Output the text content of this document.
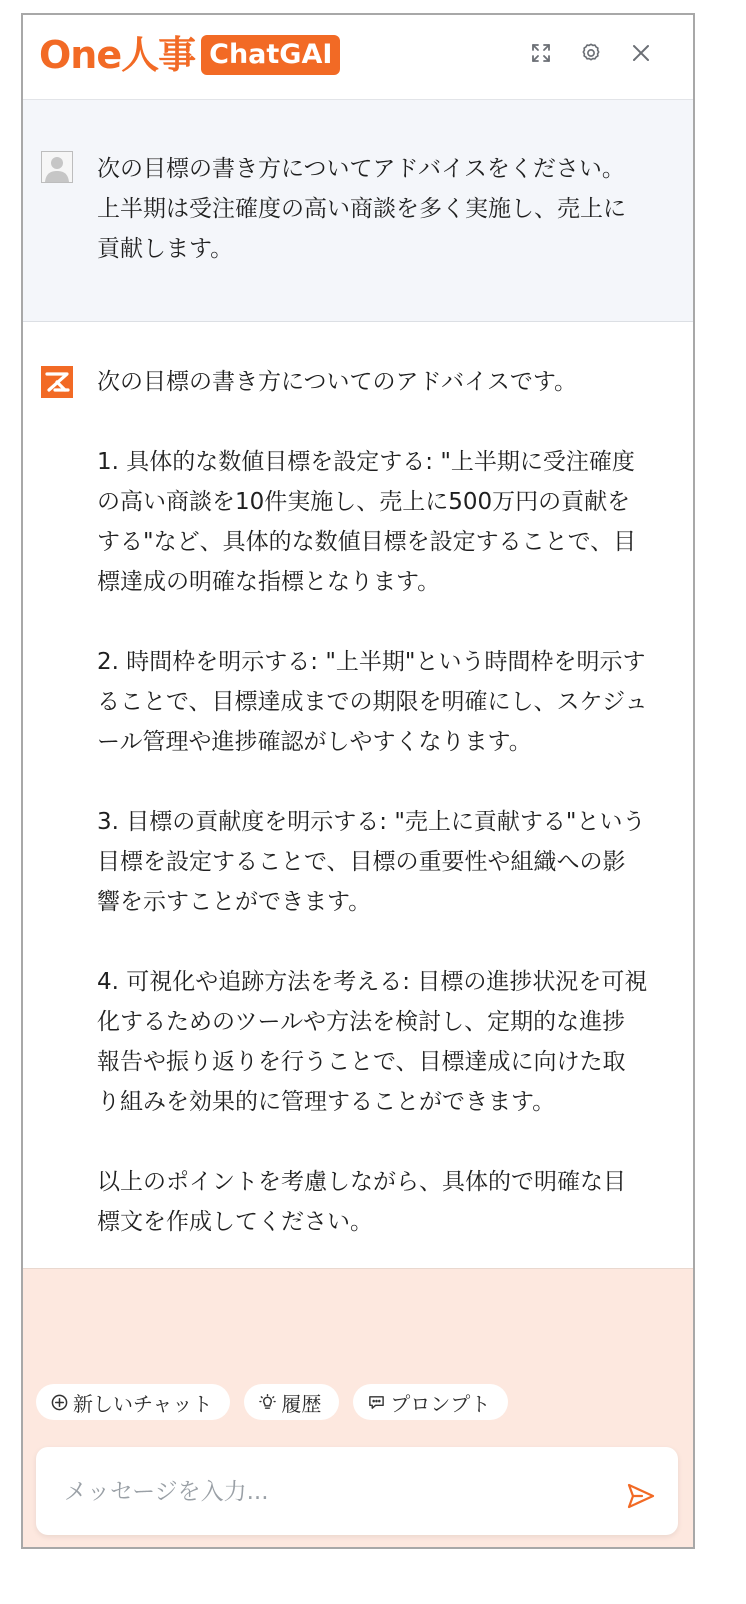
One人事 ChatGAI
次の目標の書き方についてアドバイスをください。
上半期は受注確度の高い商談を多く実施し、売上に
貢献します。
次の目標の書き方についてのアドバイスです。

1. 具体的な数値目標を設定する: "上半期に受注確度
の高い商談を10件実施し、売上に500万円の貢献を
する"など、具体的な数値目標を設定することで、目
標達成の明確な指標となります。

2. 時間枠を明示する: "上半期"という時間枠を明示す
ることで、目標達成までの期限を明確にし、スケジュ
ール管理や進捗確認がしやすくなります。

3. 目標の貢献度を明示する: "売上に貢献する"という
目標を設定することで、目標の重要性や組織への影
響を示すことができます。

4. 可視化や追跡方法を考える: 目標の進捗状況を可視
化するためのツールや方法を検討し、定期的な進捗
報告や振り返りを行うことで、目標達成に向けた取
り組みを効果的に管理することができます。

以上のポイントを考慮しながら、具体的で明確な目
標文を作成してください。
新しいチャット	履歴	プロンプト
メッセージを入力...
